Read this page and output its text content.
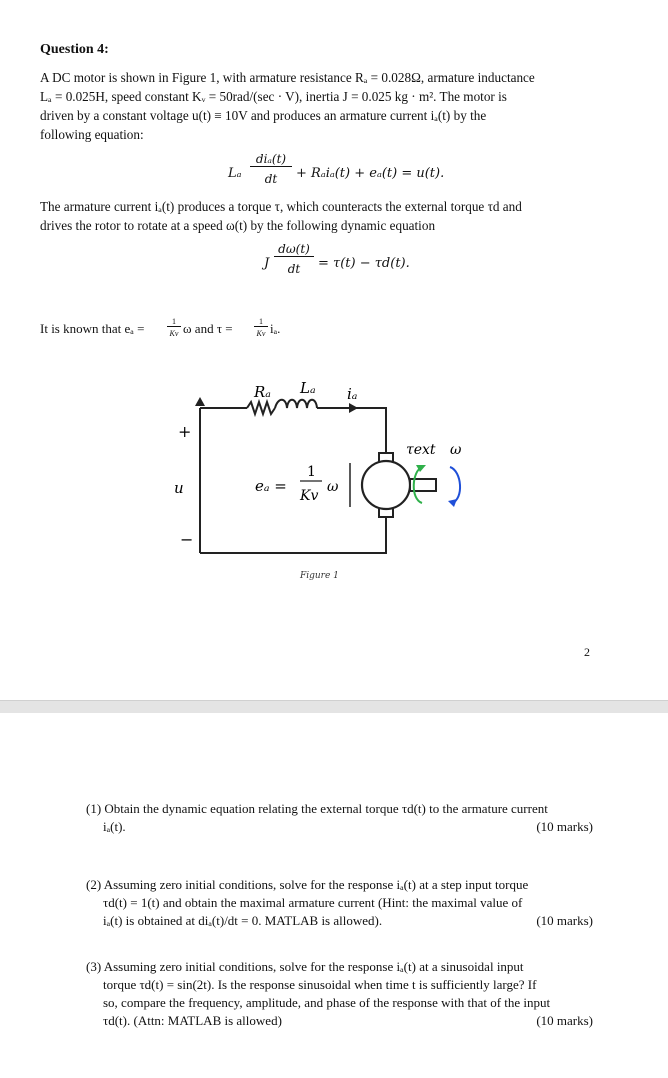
Question 4:
A DC motor is shown in Figure 1, with armature resistance Rₐ = 0.028Ω, armature inductance
Lₐ = 0.025H, speed constant Kᵥ = 50rad/(sec · V), inertia J = 0.025 kg · m². The motor is
driven by a constant voltage u(t) ≡ 10V and produces an armature current iₐ(t) by the
following equation:
Lₐ
diₐ(t)
dt	+ Rₐiₐ(t) + eₐ(t) = u(t).
The armature current iₐ(t) produces a torque τ, which counteracts the external torque τd and
drives the rotor to rotate at a speed ω(t) by the following dynamic equation
J
dω(t)
dt	= τ(t) − τd(t).
It is known that eₐ =	1
Kv ω and τ =	1
Kv iₐ.
Rₐ Lₐ iₐ
+
−
u	eₐ =
1
Kv
ω
τext ω
Figure 1
2
(1) Obtain the dynamic equation relating the external torque τd(t) to the armature current
iₐ(t).	(10 marks)
(2) Assuming zero initial conditions, solve for the response iₐ(t) at a step input torque
τd(t) = 1(t) and obtain the maximal armature current (Hint: the maximal value of
iₐ(t) is obtained at diₐ(t)/dt = 0. MATLAB is allowed).	(10 marks)
(3) Assuming zero initial conditions, solve for the response iₐ(t) at a sinusoidal input
torque τd(t) = sin(2t). Is the response sinusoidal when time t is sufficiently large? If
so, compare the frequency, amplitude, and phase of the response with that of the input
τd(t). (Attn: MATLAB is allowed)	(10 marks)
